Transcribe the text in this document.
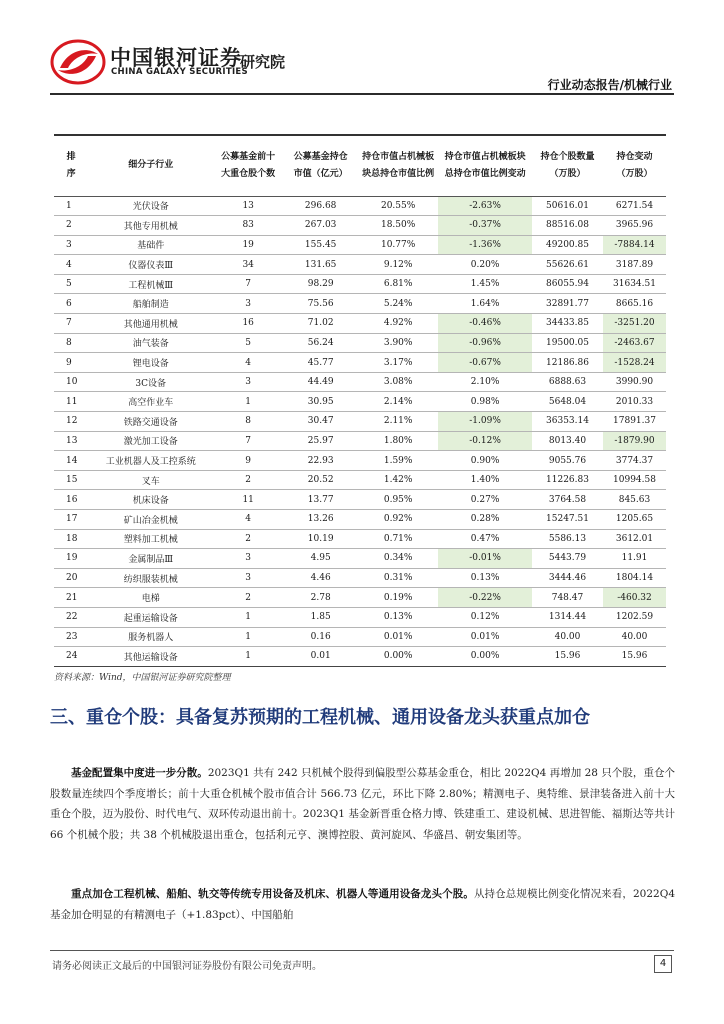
中国银河证券
CHINA GALAXY SECURITIES
研究院
行业动态报告/机械行业
排序	细分子行业	公募基金前十大重仓股个数	公募基金持仓市值（亿元）	持仓市值占机械板块总持仓市值比例	持仓市值占机械板块总持仓市值比例变动	持仓个股数量（万股）	持仓变动（万股）
1	光伏设备	13	296.68	20.55%	-2.63%	50616.01	6271.54
2	其他专用机械	83	267.03	18.50%	-0.37%	88516.08	3965.96
3	基础件	19	155.45	10.77%	-1.36%	49200.85	-7884.14
4	仪器仪表Ⅲ	34	131.65	9.12%	0.20%	55626.61	3187.89
5	工程机械Ⅲ	7	98.29	6.81%	1.45%	86055.94	31634.51
6	船舶制造	3	75.56	5.24%	1.64%	32891.77	8665.16
7	其他通用机械	16	71.02	4.92%	-0.46%	34433.85	-3251.20
8	油气装备	5	56.24	3.90%	-0.96%	19500.05	-2463.67
9	锂电设备	4	45.77	3.17%	-0.67%	12186.86	-1528.24
10	3C设备	3	44.49	3.08%	2.10%	6888.63	3990.90
11	高空作业车	1	30.95	2.14%	0.98%	5648.04	2010.33
12	铁路交通设备	8	30.47	2.11%	-1.09%	36353.14	17891.37
13	激光加工设备	7	25.97	1.80%	-0.12%	8013.40	-1879.90
14	工业机器人及工控系统	9	22.93	1.59%	0.90%	9055.76	3774.37
15	叉车	2	20.52	1.42%	1.40%	11226.83	10994.58
16	机床设备	11	13.77	0.95%	0.27%	3764.58	845.63
17	矿山冶金机械	4	13.26	0.92%	0.28%	15247.51	1205.65
18	塑料加工机械	2	10.19	0.71%	0.47%	5586.13	3612.01
19	金属制品Ⅲ	3	4.95	0.34%	-0.01%	5443.79	11.91
20	纺织服装机械	3	4.46	0.31%	0.13%	3444.46	1804.14
21	电梯	2	2.78	0.19%	-0.22%	748.47	-460.32
22	起重运输设备	1	1.85	0.13%	0.12%	1314.44	1202.59
23	服务机器人	1	0.16	0.01%	0.01%	40.00	40.00
24	其他运输设备	1	0.01	0.00%	0.00%	15.96	15.96
资料来源：Wind，中国银河证券研究院整理
三、重仓个股：具备复苏预期的工程机械、通用设备龙头获重点加仓

基金配置集中度进一步分散。2023Q1 共有 242 只机械个股得到偏股型公募基金重仓，相比 2022Q4 再增加 28 只个股，重仓个股数量连续四个季度增长；前十大重仓机械个股市值合计 566.73 亿元，环比下降 2.80%；精测电子、奥特维、景津装备进入前十大重仓个股，迈为股份、时代电气、双环传动退出前十。2023Q1 基金新晋重仓格力博、铁建重工、建设机械、思进智能、福斯达等共计 66 个机械个股；共 38 个机械股退出重仓，包括利元亨、澳博控股、黄河旋风、华盛昌、朝安集团等。

重点加仓工程机械、船舶、轨交等传统专用设备及机床、机器人等通用设备龙头个股。从持仓总规模比例变化情况来看，2022Q4 基金加仓明显的有精测电子（+1.83pct）、中国船舶

请务必阅读正文最后的中国银河证券股份有限公司免责声明。	4
